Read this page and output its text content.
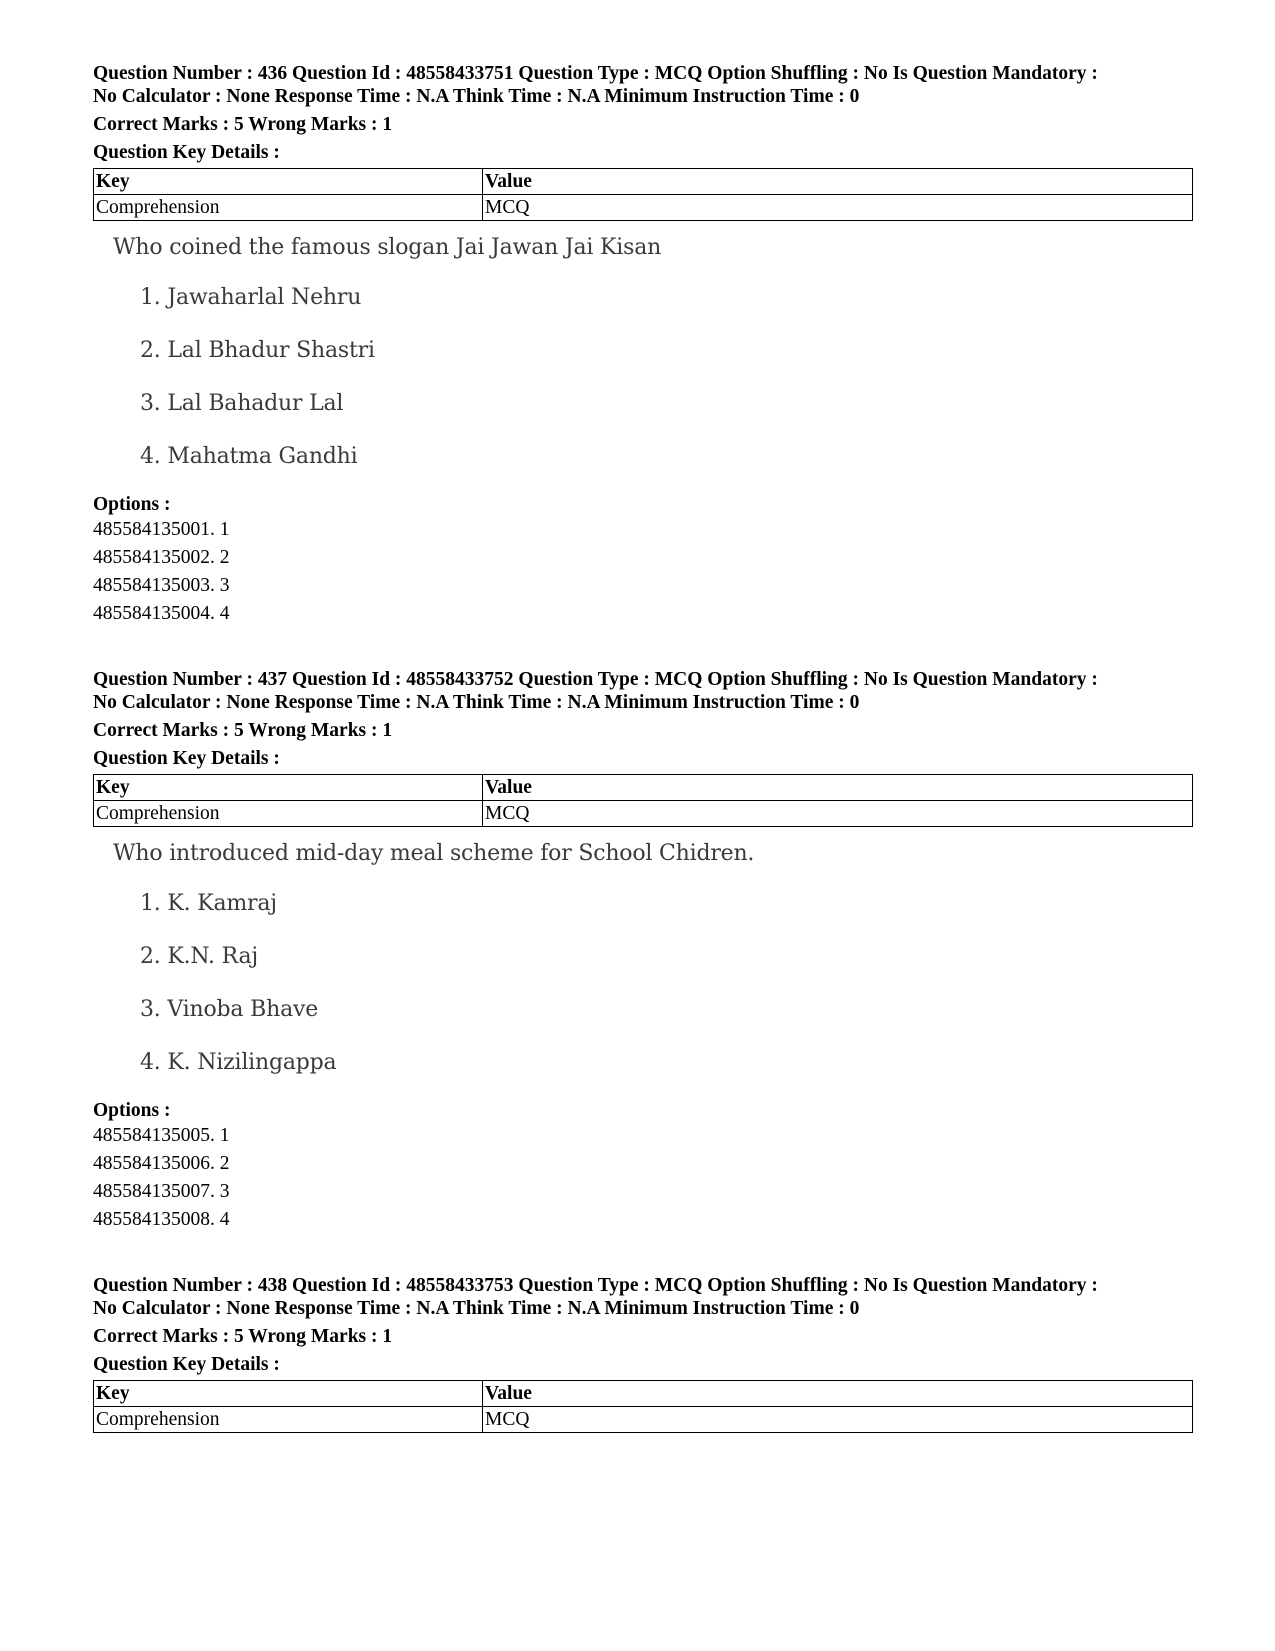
Question Number : 436 Question Id : 48558433751 Question Type : MCQ Option Shuffling : No Is Question Mandatory :
No Calculator : None Response Time : N.A Think Time : N.A Minimum Instruction Time : 0
Correct Marks : 5 Wrong Marks : 1
Question Key Details :
Key	Value
Comprehension	MCQ
Who coined the famous slogan Jai Jawan Jai Kisan
1. Jawaharlal Nehru
2. Lal Bhadur Shastri
3. Lal Bahadur Lal
4. Mahatma Gandhi
Options :
485584135001. 1
485584135002. 2
485584135003. 3
485584135004. 4
Question Number : 437 Question Id : 48558433752 Question Type : MCQ Option Shuffling : No Is Question Mandatory :
No Calculator : None Response Time : N.A Think Time : N.A Minimum Instruction Time : 0
Correct Marks : 5 Wrong Marks : 1
Question Key Details :
Key	Value
Comprehension	MCQ
Who introduced mid-day meal scheme for School Chidren.
1. K. Kamraj
2. K.N. Raj
3. Vinoba Bhave
4. K. Nizilingappa
Options :
485584135005. 1
485584135006. 2
485584135007. 3
485584135008. 4
Question Number : 438 Question Id : 48558433753 Question Type : MCQ Option Shuffling : No Is Question Mandatory :
No Calculator : None Response Time : N.A Think Time : N.A Minimum Instruction Time : 0
Correct Marks : 5 Wrong Marks : 1
Question Key Details :
Key	Value
Comprehension	MCQ
